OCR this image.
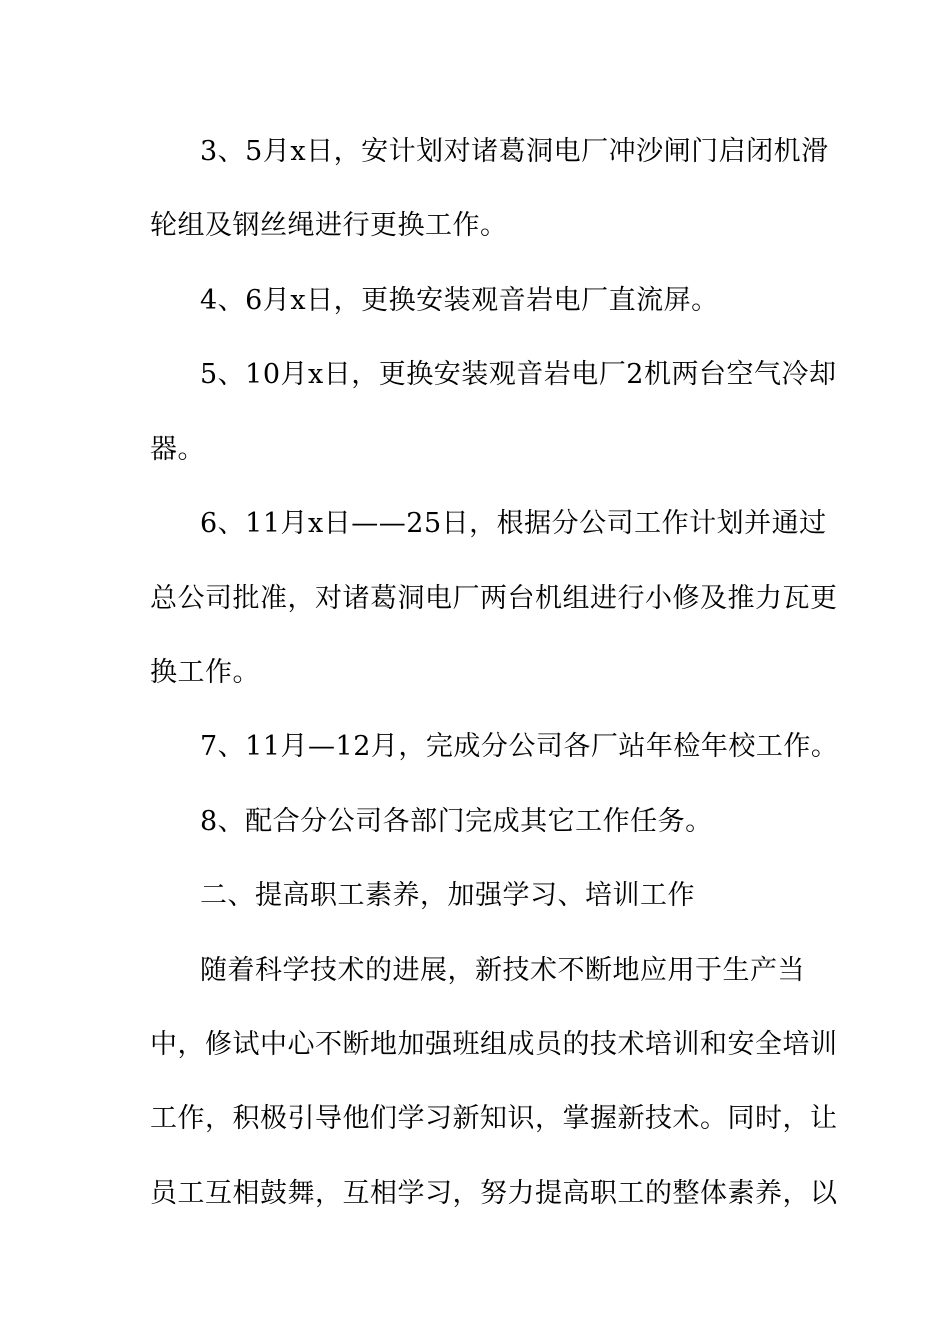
3、5月x日，安计划对诸葛洞电厂冲沙闸门启闭机滑
轮组及钢丝绳进行更换工作。
4、6月x日，更换安装观音岩电厂直流屏。
5、10月x日，更换安装观音岩电厂2机两台空气冷却
器。
6、11月x日——25日，根据分公司工作计划并通过
总公司批准，对诸葛洞电厂两台机组进行小修及推力瓦更
换工作。
7、11月—12月，完成分公司各厂站年检年校工作。
8、配合分公司各部门完成其它工作任务。
二、提高职工素养，加强学习、培训工作
随着科学技术的进展，新技术不断地应用于生产当
中，修试中心不断地加强班组成员的技术培训和安全培训
工作，积极引导他们学习新知识，掌握新技术。同时，让
员工互相鼓舞，互相学习，努力提高职工的整体素养，以
